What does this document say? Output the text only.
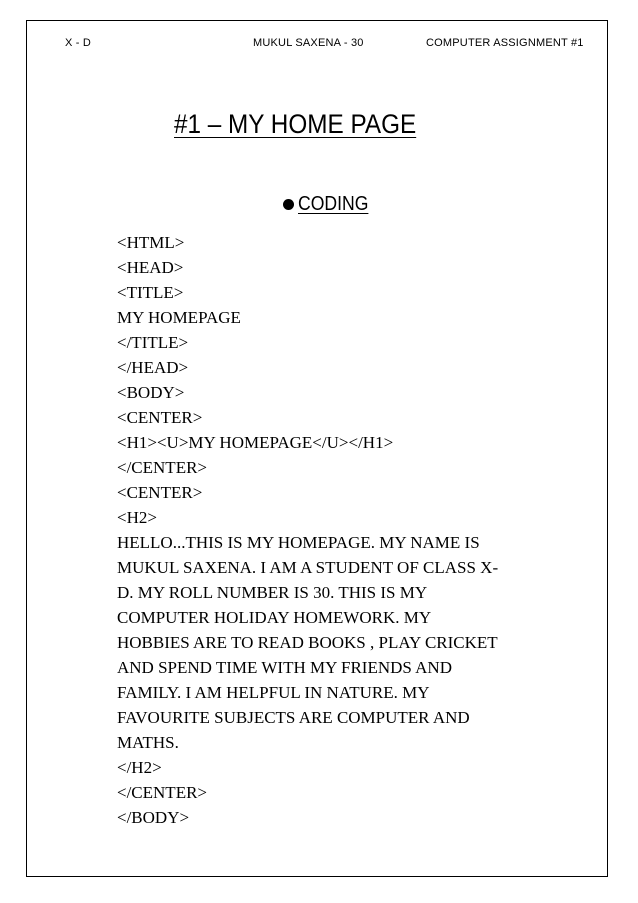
X - D	MUKUL SAXENA - 30	COMPUTER ASSIGNMENT #1
#1 – MY HOME PAGE
CODING
<HTML>
<HEAD>
<TITLE>
MY HOMEPAGE
</TITLE>
</HEAD>
<BODY>
<CENTER>
<H1><U>MY HOMEPAGE</U></H1>
</CENTER>
<CENTER>
<H2>
HELLO...THIS IS MY HOMEPAGE. MY NAME IS
MUKUL SAXENA. I AM A STUDENT OF CLASS X-
D. MY ROLL NUMBER IS 30. THIS IS MY
COMPUTER HOLIDAY HOMEWORK. MY
HOBBIES ARE TO READ BOOKS , PLAY CRICKET
AND SPEND TIME WITH MY FRIENDS AND
FAMILY. I AM HELPFUL IN NATURE. MY
FAVOURITE SUBJECTS ARE COMPUTER AND
MATHS.
</H2>
</CENTER>
</BODY>
